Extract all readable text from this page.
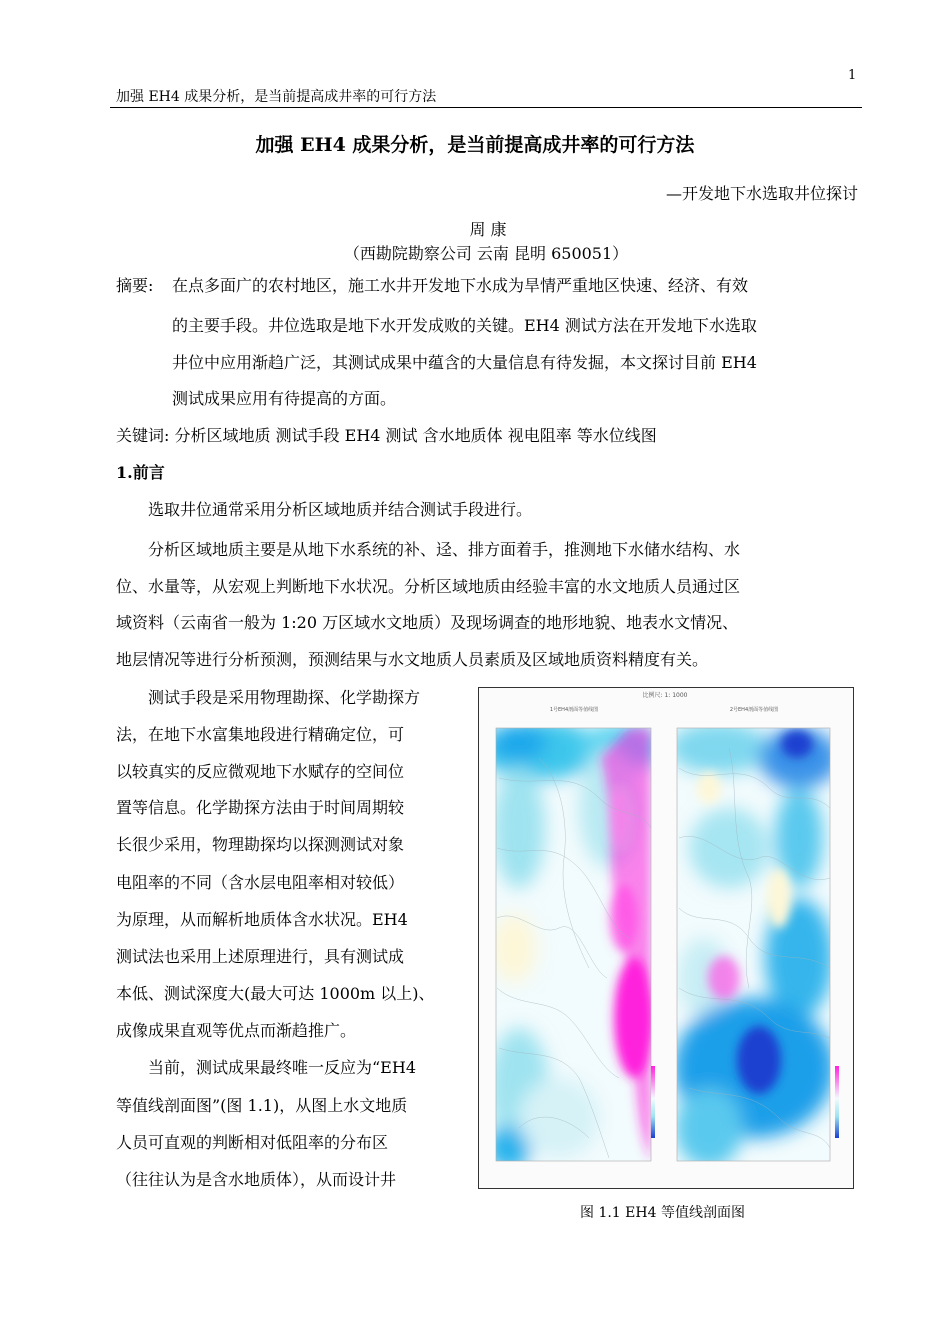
1
加强 EH4 成果分析，是当前提高成井率的可行方法
加强 EH4 成果分析，是当前提高成井率的可行方法
—开发地下水选取井位探讨
周 康
（西勘院勘察公司 云南 昆明 650051）
摘要: 在点多面广的农村地区，施工水井开发地下水成为旱情严重地区快速、经济、有效
的主要手段。井位选取是地下水开发成败的关键。EH4 测试方法在开发地下水选取
井位中应用渐趋广泛，其测试成果中蕴含的大量信息有待发掘，本文探讨目前 EH4
测试成果应用有待提高的方面。
关键词: 分析区域地质 测试手段 EH4 测试 含水地质体 视电阻率 等水位线图
1.前言
选取井位通常采用分析区域地质并结合测试手段进行。
分析区域地质主要是从地下水系统的补、迳、排方面着手，推测地下水储水结构、水
位、水量等，从宏观上判断地下水状况。分析区域地质由经验丰富的水文地质人员通过区
域资料（云南省一般为 1:20 万区域水文地质）及现场调查的地形地貌、地表水文情况、
地层情况等进行分析预测，预测结果与水文地质人员素质及区域地质资料精度有关。
测试手段是采用物理勘探、化学勘探方
法，在地下水富集地段进行精确定位，可
以较真实的反应微观地下水赋存的空间位
置等信息。化学勘探方法由于时间周期较
长很少采用，物理勘探均以探测测试对象
电阻率的不同（含水层电阻率相对较低）
为原理，从而解析地质体含水状况。EH4
测试法也采用上述原理进行，具有测试成
本低、测试深度大(最大可达 1000m 以上)、
成像成果直观等优点而渐趋推广。
当前，测试成果最终唯一反应为“EH4
等值线剖面图”(图 1.1)，从图上水文地质
人员可直观的判断相对低阻率的分布区
（往往认为是含水地质体），从而设计井
比例尺: 1: 1000
1号EH4剖面等值线图	2号EH4剖面等值线图
图 1.1 EH4 等值线剖面图
